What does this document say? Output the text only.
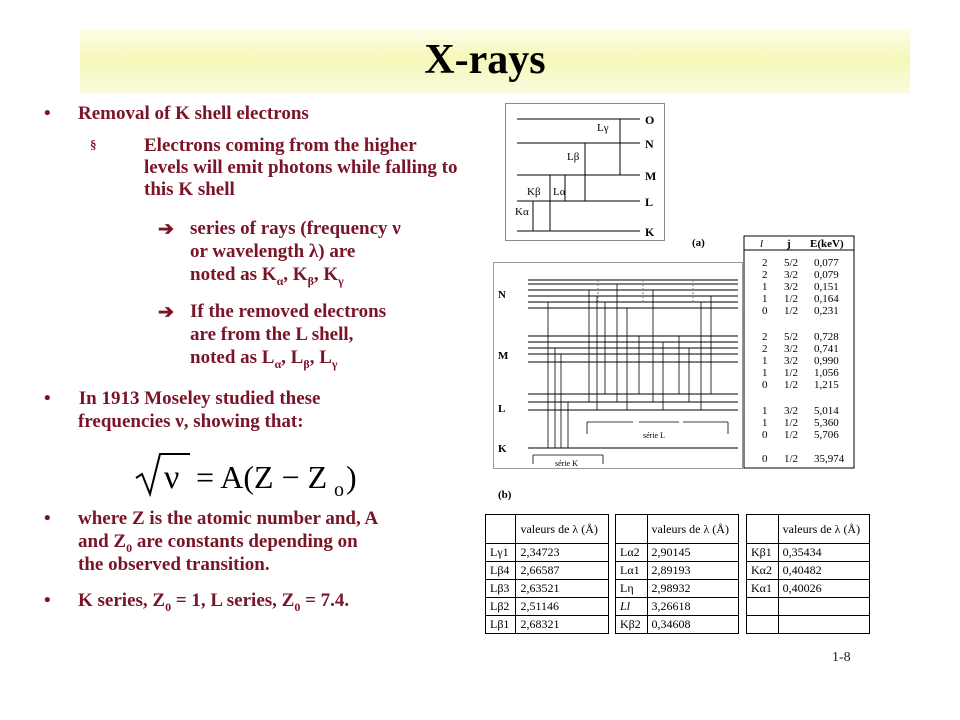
X-rays
• Removal of K shell electrons
§	Electrons coming from the higher levels will emit photons while falling to this K shell
➔ series of rays (frequency ν
or wavelength λ) are
noted as $K_\alpha$, $K_\beta$, $K_\gamma$
➔ If the removed electrons
are from the L shell,
noted as $L_\alpha$, $L_\beta$, $L_\gamma$
• In 1913 Moseley studied these
frequencies ν, showing that:
ν = A(Z − Z o )
• where Z is the atomic number and, A
and $Z_0$ are constants depending on
the observed transition.
• K series, $Z_0 = 1$, L series, $Z_0 = 7.4$.
O
N
M
L
K
Lγ
Lβ
Kβ Lα
Kα
(a)	l j E(keV)
2 5/2 0,077
2 3/2 0,079
1 3/2 0,151
1 1/2 0,164
0 1/2 0,231
2 5/2 0,728
2 3/2 0,741
1 3/2 0,990
1 1/2 1,056
0 1/2 1,215
1 3/2 5,014
1 1/2 5,360
0 1/2 5,706
0 1/2 35,974
N
M
L
K
série L
série K
(b)
	valeurs de λ (Å)
Lγ1	2,34723
Lβ4	2,66587
Lβ3	2,63521
Lβ2	2,51146
Lβ1	2,68321
	valeurs de λ (Å)
Lα2	2,90145
Lα1	2,89193
Lη	2,98932
Ll	3,26618
Kβ2	0,34608
	valeurs de λ (Å)
Kβ1	0,35434
Kα2	0,40482
Kα1	0,40026

1-8
